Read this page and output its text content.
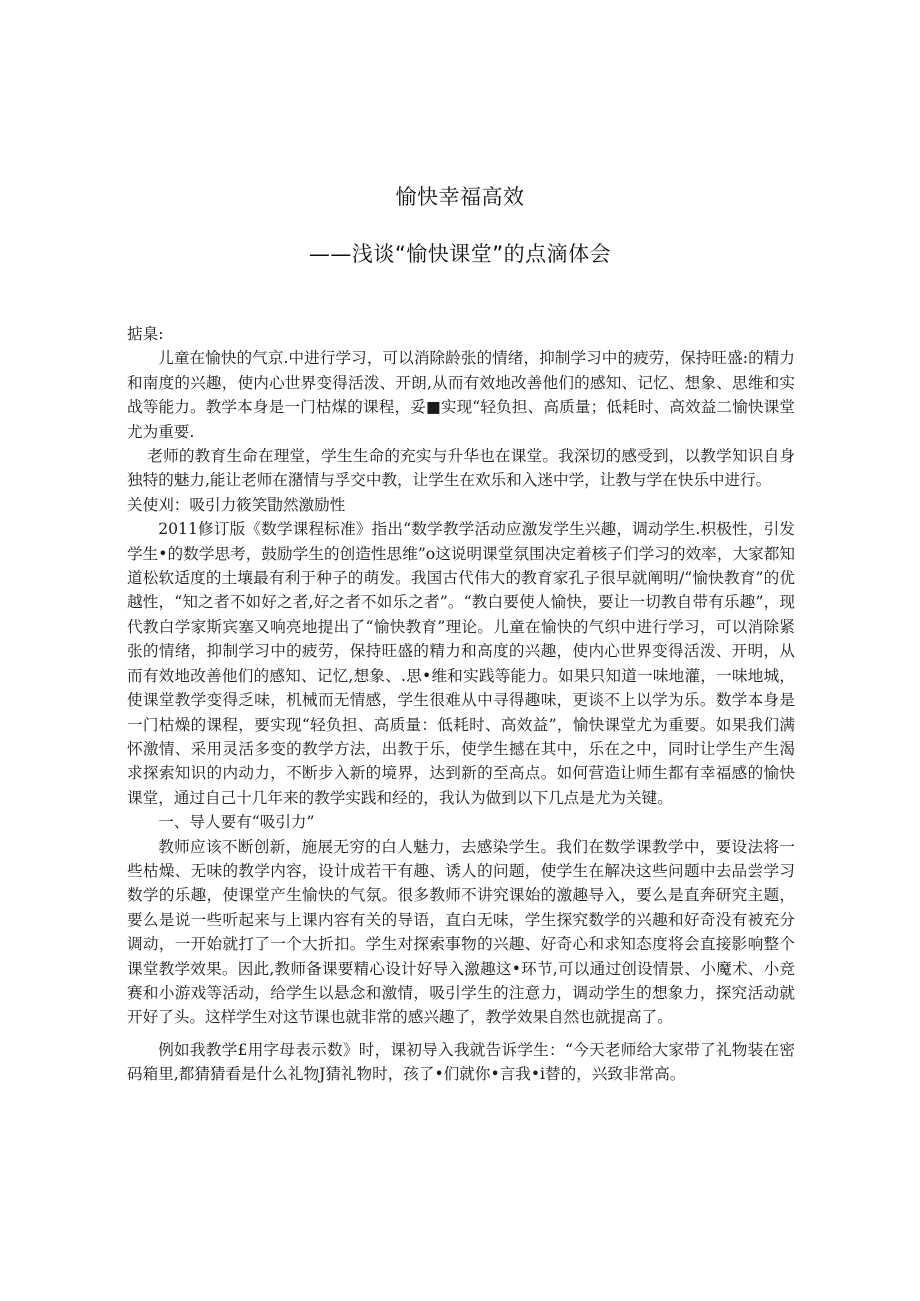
愉快幸福高效
——浅谈“愉快课堂”的点滴体会

掂臬:

儿童在愉快的气京.中进行学习，可以消除龄张的情绪，抑制学习中的疲劳，保持旺盛:的精力和南度的兴趣，使内心世界变得活泼、开朗,从而有效地改善他们的感知、记忆、想象、思维和实战等能力。教学本身是一门枯煤的课程，妥■实现“轻负担、高质量；低耗时、高效益二愉快课堂尤为重要.

老师的教育生命在理堂，学生生命的充实与升华也在课堂。我深切的感受到，以教学知识自身独特的魅力,能让老师在潴情与孚交中教，让学生在欢乐和入迷中学，让教与学在快乐中进行。

关使刈：吸引力筱笑勖然激励性

2011修订版《数学课程标准》指出“数学教学活动应激发学生兴趣，调动学生.枳极性，引发学生•的数学思考，鼓励学生的创造性思维”o这说明课堂氛围决定着核子们学习的效率，大家都知道松软适度的土壤最有利于种子的萌发。我国古代伟大的教育家孔子很早就阐明/“愉快教育”的优越性，“知之者不如好之者,好之者不如乐之者”。“教白要使人愉快，要让一切教自带有乐趣”，现代教白学家斯宾塞又响亮地提出了“愉快教育”理论。儿童在愉快的气织中进行学习，可以消除紧张的情绪，抑制学习中的疲劳，保持旺盛的精力和高度的兴趣，使内心世界变得活泼、开明，从而有效地改善他们的感知、记忆,想象、.思•维和实践等能力。如果只知道一味地灌，一味地城，使课堂教学变得乏味，机械而无情感，学生很难从中寻得趣味，更谈不上以学为乐。数学本身是一门枯燥的课程，要实现“轻负担、高质量：低耗时、高效益”，愉快课堂尤为重要。如果我们满怀激情、采用灵活多变的教学方法，出教于乐，使学生撼在其中，乐在之中，同时让学生产生渴求探索知识的内动力，不断步入新的境界，达到新的至高点。如何营造让师生都有幸福感的愉快课堂，通过自己十几年来的教学实践和经的，我认为做到以下几点是尤为关键。

一、导人要有“吸引力”

教师应该不断创新，施展无穷的白人魅力，去感染学生。我们在数学课教学中，要设法将一些枯燥、无味的教学内容，设计成若干有趣、诱人的问题，使学生在解决这些问题中去品尝学习数学的乐趣，使课堂产生愉快的气氛。很多教师不讲究课始的激趣导入，要么是直奔研究主题，要么是说一些听起来与上课内容有关的导语，直白无味，学生探究数学的兴趣和好奇没有被充分调动，一开始就打了一个大折扣。学生对探索事物的兴趣、好奇心和求知态度将会直接影响整个课堂教学效果。因此,教师备课要精心设计好导入激趣这•环节,可以通过创设情景、小魔术、小竞赛和小游戏等活动，给学生以悬念和激情，吸引学生的注意力，调动学生的想象力，探究活动就开好了头。这样学生对这节课也就非常的感兴趣了，教学效果自然也就提高了。

例如我教学£用字母表示数》时，课初导入我就告诉学生：“今天老师给大家带了礼物装在密码箱里,都猜猜看是什么礼物J猜礼物时，孩了•们就你•言我•i替的，兴致非常高。
